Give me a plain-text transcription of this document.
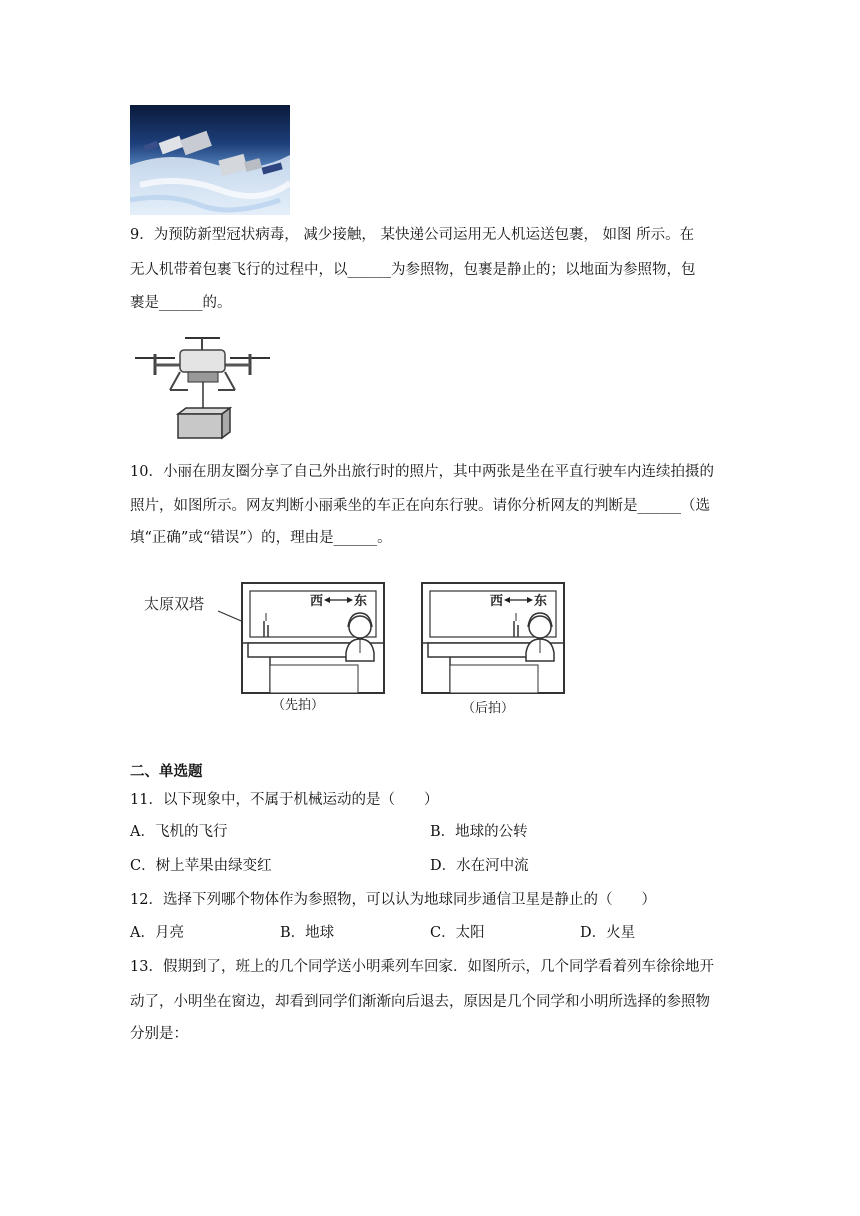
9．为预防新型冠状病毒， 减少接触， 某快递公司运用无人机运送包裹， 如图 所示。在
无人机带着包裹飞行的过程中，以______为参照物，包裹是静止的；以地面为参照物，包
裹是______的。
10．小丽在朋友圈分享了自己外出旅行时的照片，其中两张是坐在平直行驶车内连续拍摄的
照片，如图所示。网友判断小丽乘坐的车正在向东行驶。请你分析网友的判断是______（选
填“正确”或“错误”）的，理由是______。
太原双塔	西 东	西 东
（先拍）	（后拍）
二、单选题
11．以下现象中，不属于机械运动的是（　　）
A．飞机的飞行	B．地球的公转
C．树上苹果由绿变红	D．水在河中流
12．选择下列哪个物体作为参照物，可以认为地球同步通信卫星是静止的（　　）
A．月亮	B．地球	C．太阳	D．火星
13．假期到了，班上的几个同学送小明乘列车回家．如图所示，几个同学看着列车徐徐地开
动了，小明坐在窗边，却看到同学们渐渐向后退去，原因是几个同学和小明所选择的参照物
分别是：
